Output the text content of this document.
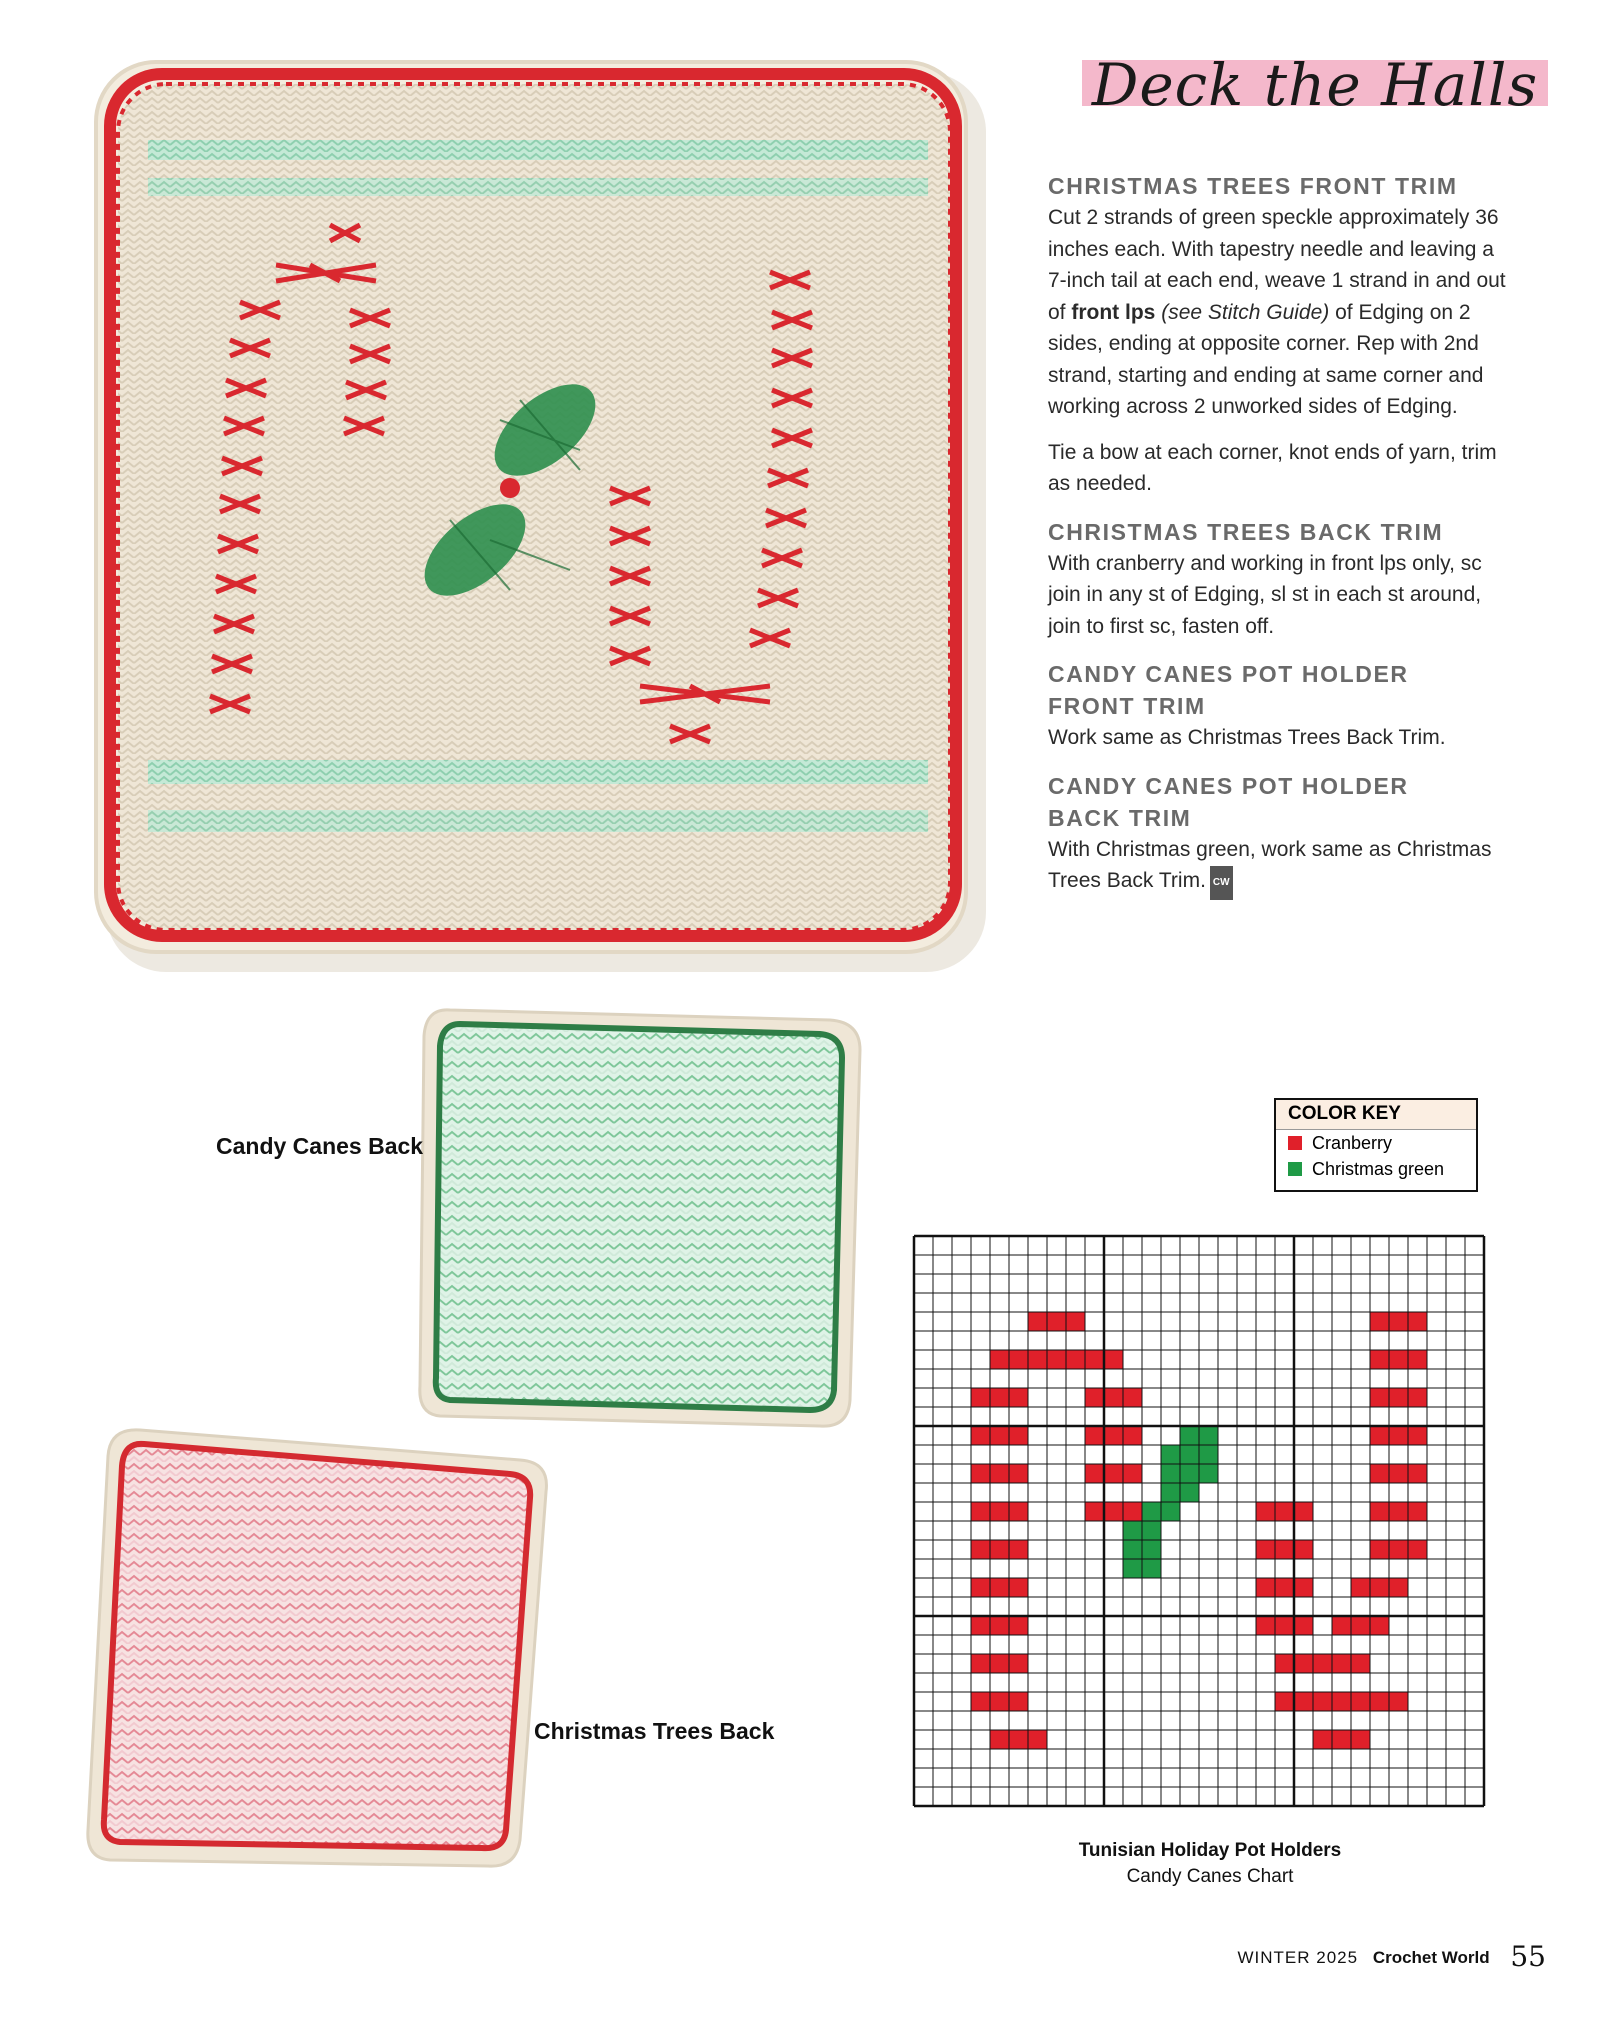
Deck the Halls

CHRISTMAS TREES FRONT TRIM

Cut 2 strands of green speckle approximately 36 inches each. With tapestry needle and leaving a 7-inch tail at each end, weave 1 strand in and out of front lps (see Stitch Guide) of Edging on 2 sides, ending at opposite corner. Rep with 2nd strand, starting and ending at same corner and working across 2 unworked sides of Edging.

Tie a bow at each corner, knot ends of yarn, trim as needed.

CHRISTMAS TREES BACK TRIM

With cranberry and working in front lps only, sc join in any st of Edging, sl st in each st around, join to first sc, fasten off.

CANDY CANES POT HOLDER FRONT TRIM

Work same as Christmas Trees Back Trim.

CANDY CANES POT HOLDER BACK TRIM

With Christmas green, work same as Christmas Trees Back Trim. CW

Candy Canes Back
Christmas Trees Back
COLOR KEY
Cranberry
Christmas green
Tunisian Holiday Pot Holders
Candy Canes Chart
WINTER 2025 Crochet World 55
